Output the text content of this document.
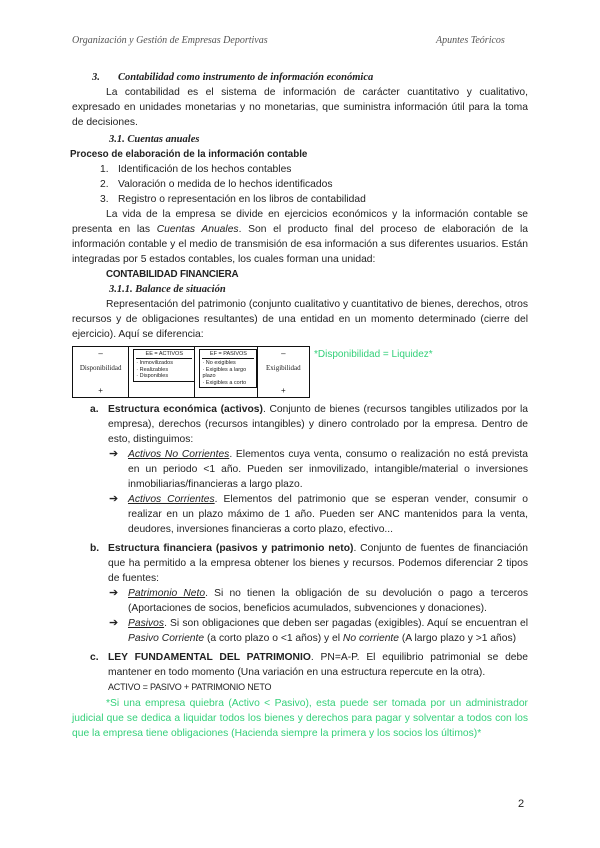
Organización y Gestión de Empresas Deportivas	Apuntes Teóricos

3. Contabilidad como instrumento de información económica

La contabilidad es el sistema de información de carácter cuantitativo y cualitativo, expresado en unidades monetarias y no monetarias, que suministra información útil para la toma de decisiones.

3.1. Cuentas anuales

Proceso de elaboración de la información contable

1. Identificación de los hechos contables
2. Valoración o medida de lo hechos identificados
3. Registro o representación en los libros de contabilidad

La vida de la empresa se divide en ejercicios económicos y la información contable se presenta en las Cuentas Anuales. Son el producto final del proceso de elaboración de la información contable y el medio de transmisión de esa información a sus diferentes usuarios. Están integradas por 5 estados contables, los cuales forman una unidad:

CONTABILIDAD FINANCIERA

3.1.1. Balance de situación

Representación del patrimonio (conjunto cualitativo y cuantitativo de bienes, derechos, otros recursos y de obligaciones resultantes) de una entidad en un momento determinado (cierre del ejercicio). Aquí se diferencia:

–
Disponibilidad
+
EE = ACTIVOS
· Inmovilizados
· Realizables
· Disponibles
EF = PASIVOS
· No exigibles
· Exigibles a largo plazo
· Exigibles a corto
–
Exigibilidad
+
*Disponibilidad = Liquidez*
a. Estructura económica (activos). Conjunto de bienes (recursos tangibles utilizados por la empresa), derechos (recursos intangibles) y dinero controlado por la empresa. Dentro de esto, distinguimos:
➔ Activos No Corrientes. Elementos cuya venta, consumo o realización no está prevista en un periodo <1 año. Pueden ser inmovilizado, intangible/material o inversiones inmobiliarias/financieras a largo plazo.
➔ Activos Corrientes. Elementos del patrimonio que se esperan vender, consumir o realizar en un plazo máximo de 1 año. Pueden ser ANC mantenidos para la venta, deudores, inversiones financieras a corto plazo, efectivo...
b. Estructura financiera (pasivos y patrimonio neto). Conjunto de fuentes de financiación que ha permitido a la empresa obtener los bienes y recursos. Podemos diferenciar 2 tipos de fuentes:
➔ Patrimonio Neto. Si no tienen la obligación de su devolución o pago a terceros (Aportaciones de socios, beneficios acumulados, subvenciones y donaciones).
➔ Pasivos. Si son obligaciones que deben ser pagadas (exigibles). Aquí se encuentran el Pasivo Corriente (a corto plazo o <1 años) y el No corriente (A largo plazo y >1 años)
c. LEY FUNDAMENTAL DEL PATRIMONIO. PN=A-P. El equilibrio patrimonial se debe mantener en todo momento (Una variación en una estructura repercute en la otra).
ACTIVO = PASIVO + PATRIMONIO NETO

*Si una empresa quiebra (Activo < Pasivo), esta puede ser tomada por un administrador judicial que se dedica a liquidar todos los bienes y derechos para pagar y solventar a todos con los que la empresa tiene obligaciones (Hacienda siempre la primera y los socios los últimos)*

2
